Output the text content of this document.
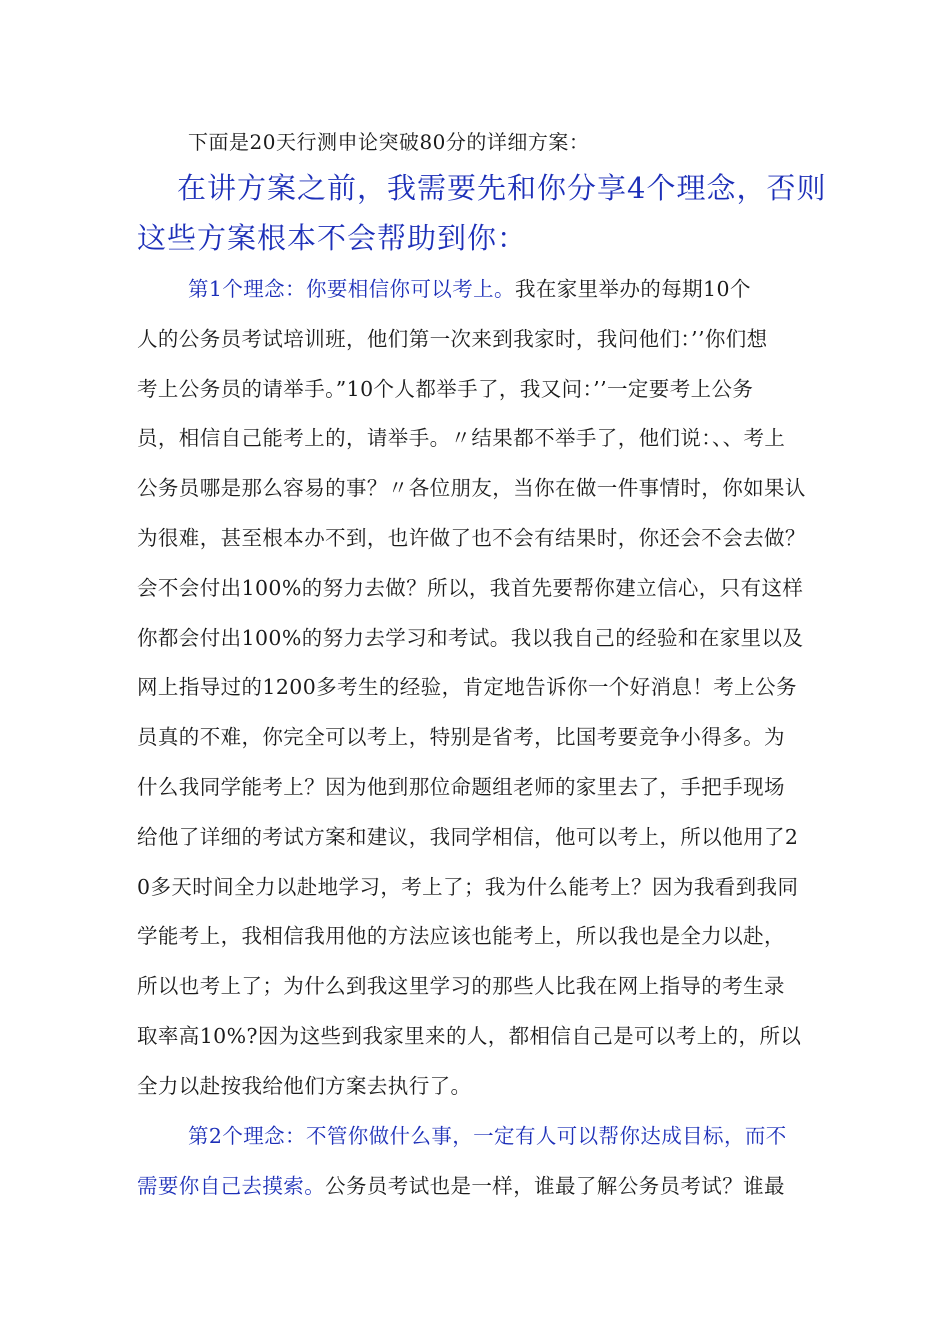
下面是20天行测申论突破80分的详细方案：
在讲方案之前，我需要先和你分享4个理念，否则
这些方案根本不会帮助到你：
第1个理念：你要相信你可以考上。我在家里举办的每期10个
人的公务员考试培训班，他们第一次来到我家时，我问他们：’’你们想
考上公务员的请举手。”10个人都举手了，我又问：’’一定要考上公务
员，相信自己能考上的，请举手。〃结果都不举手了，他们说：、、考上
公务员哪是那么容易的事？〃各位朋友，当你在做一件事情时，你如果认
为很难，甚至根本办不到，也许做了也不会有结果时，你还会不会去做？
会不会付出100%的努力去做？所以，我首先要帮你建立信心，只有这样
你都会付出100%的努力去学习和考试。我以我自己的经验和在家里以及
网上指导过的1200多考生的经验，肯定地告诉你一个好消息！考上公务
员真的不难，你完全可以考上，特别是省考，比国考要竞争小得多。为
什么我同学能考上？因为他到那位命题组老师的家里去了，手把手现场
给他了详细的考试方案和建议，我同学相信，他可以考上，所以他用了2
0多天时间全力以赴地学习，考上了；我为什么能考上？因为我看到我同
学能考上，我相信我用他的方法应该也能考上，所以我也是全力以赴，
所以也考上了；为什么到我这里学习的那些人比我在网上指导的考生录
取率高10%?因为这些到我家里来的人，都相信自己是可以考上的，所以
全力以赴按我给他们方案去执行了。
第2个理念：不管你做什么事，一定有人可以帮你达成目标，而不
需要你自己去摸索。公务员考试也是一样，谁最了解公务员考试？谁最
